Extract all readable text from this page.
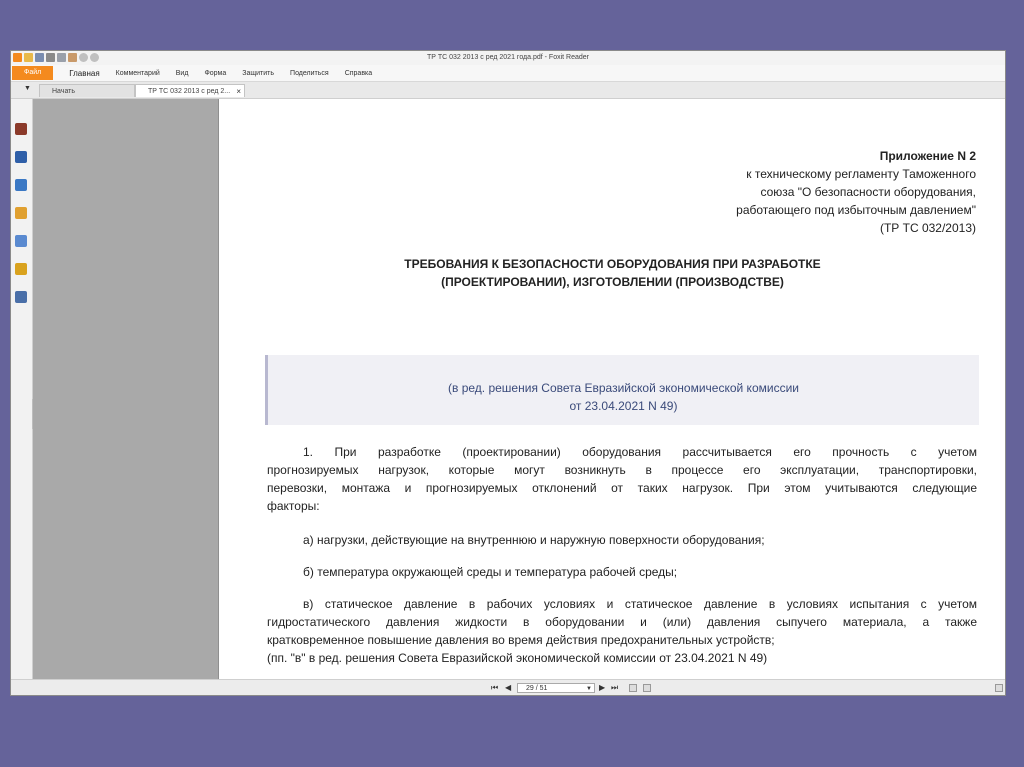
ТР ТС 032 2013 с ред 2021 года.pdf - Foxit Reader
Файл	Главная Комментарий Вид Форма Защитить Поделиться Справка
▼	Начать	ТР ТС 032 2013 с ред 2... ×
Приложение N 2
к техническому регламенту Таможенного
союза "О безопасности оборудования,
работающего под избыточным давлением"
(ТР ТС 032/2013)
ТРЕБОВАНИЯ К БЕЗОПАСНОСТИ ОБОРУДОВАНИЯ ПРИ РАЗРАБОТКЕ
(ПРОЕКТИРОВАНИИ), ИЗГОТОВЛЕНИИ (ПРОИЗВОДСТВЕ)
(в ред. решения Совета Евразийской экономической комиссии
от 23.04.2021 N 49)
1. При разработке (проектировании) оборудования рассчитывается его прочность с учетом
прогнозируемых нагрузок, которые могут возникнуть в процессе его эксплуатации, транспортировки,
перевозки, монтажа и прогнозируемых отклонений от таких нагрузок. При этом учитываются следующие
факторы:
а) нагрузки, действующие на внутреннюю и наружную поверхности оборудования;
б) температура окружающей среды и температура рабочей среды;
в) статическое давление в рабочих условиях и статическое давление в условиях испытания с учетом
гидростатического давления жидкости в оборудовании и (или) давления сыпучего материала, а также
кратковременное повышение давления во время действия предохранительных устройств;
(пп. "в" в ред. решения Совета Евразийской экономической комиссии от 23.04.2021 N 49)
⏮ ◀	29 / 51	▼ ▶ ⏭
